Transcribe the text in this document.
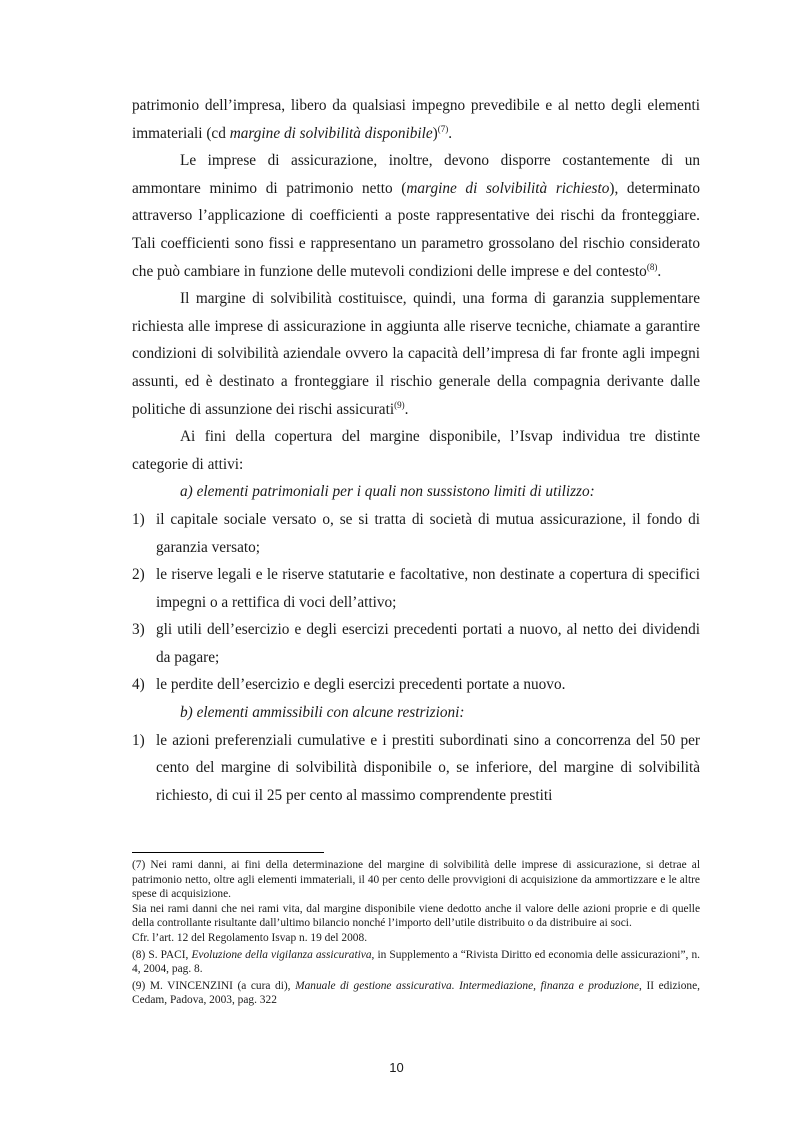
patrimonio dell’impresa, libero da qualsiasi impegno prevedibile e al netto degli elementi immateriali (cd margine di solvibilità disponibile)$^{(7)}$.

Le imprese di assicurazione, inoltre, devono disporre costantemente di un ammontare minimo di patrimonio netto (margine di solvibilità richiesto), determinato attraverso l’applicazione di coefficienti a poste rappresentative dei rischi da fronteggiare. Tali coefficienti sono fissi e rappresentano un parametro grossolano del rischio considerato che può cambiare in funzione delle mutevoli condizioni delle imprese e del contesto$^{(8)}$.

Il margine di solvibilità costituisce, quindi, una forma di garanzia supplementare richiesta alle imprese di assicurazione in aggiunta alle riserve tecniche, chiamate a garantire condizioni di solvibilità aziendale ovvero la capacità dell’impresa di far fronte agli impegni assunti, ed è destinato a fronteggiare il rischio generale della compagnia derivante dalle politiche di assunzione dei rischi assicurati$^{(9)}$.

Ai fini della copertura del margine disponibile, l’Isvap individua tre distinte categorie di attivi:

a) elementi patrimoniali per i quali non sussistono limiti di utilizzo:

1) il capitale sociale versato o, se si tratta di società di mutua assicurazione, il fondo di garanzia versato;
2) le riserve legali e le riserve statutarie e facoltative, non destinate a copertura di specifici impegni o a rettifica di voci dell’attivo;
3) gli utili dell’esercizio e degli esercizi precedenti portati a nuovo, al netto dei dividendi da pagare;
4) le perdite dell’esercizio e degli esercizi precedenti portate a nuovo.

b) elementi ammissibili con alcune restrizioni:

1) le azioni preferenziali cumulative e i prestiti subordinati sino a concorrenza del 50 per cento del margine di solvibilità disponibile o, se inferiore, del margine di solvibilità richiesto, di cui il 25 per cento al massimo comprendente prestiti

(7) Nei rami danni, ai fini della determinazione del margine di solvibilità delle imprese di assicurazione, si detrae al patrimonio netto, oltre agli elementi immateriali, il 40 per cento delle provvigioni di acquisizione da ammortizzare e le altre spese di acquisizione.

Sia nei rami danni che nei rami vita, dal margine disponibile viene dedotto anche il valore delle azioni proprie e di quelle della controllante risultante dall’ultimo bilancio nonché l’importo dell’utile distribuito o da distribuire ai soci.

Cfr. l’art. 12 del Regolamento Isvap n. 19 del 2008.

(8) S. PACI, Evoluzione della vigilanza assicurativa, in Supplemento a “Rivista Diritto ed economia delle assicurazioni”, n. 4, 2004, pag. 8.

(9) M. VINCENZINI (a cura di), Manuale di gestione assicurativa. Intermediazione, finanza e produzione, II edizione, Cedam, Padova, 2003, pag. 322

10
